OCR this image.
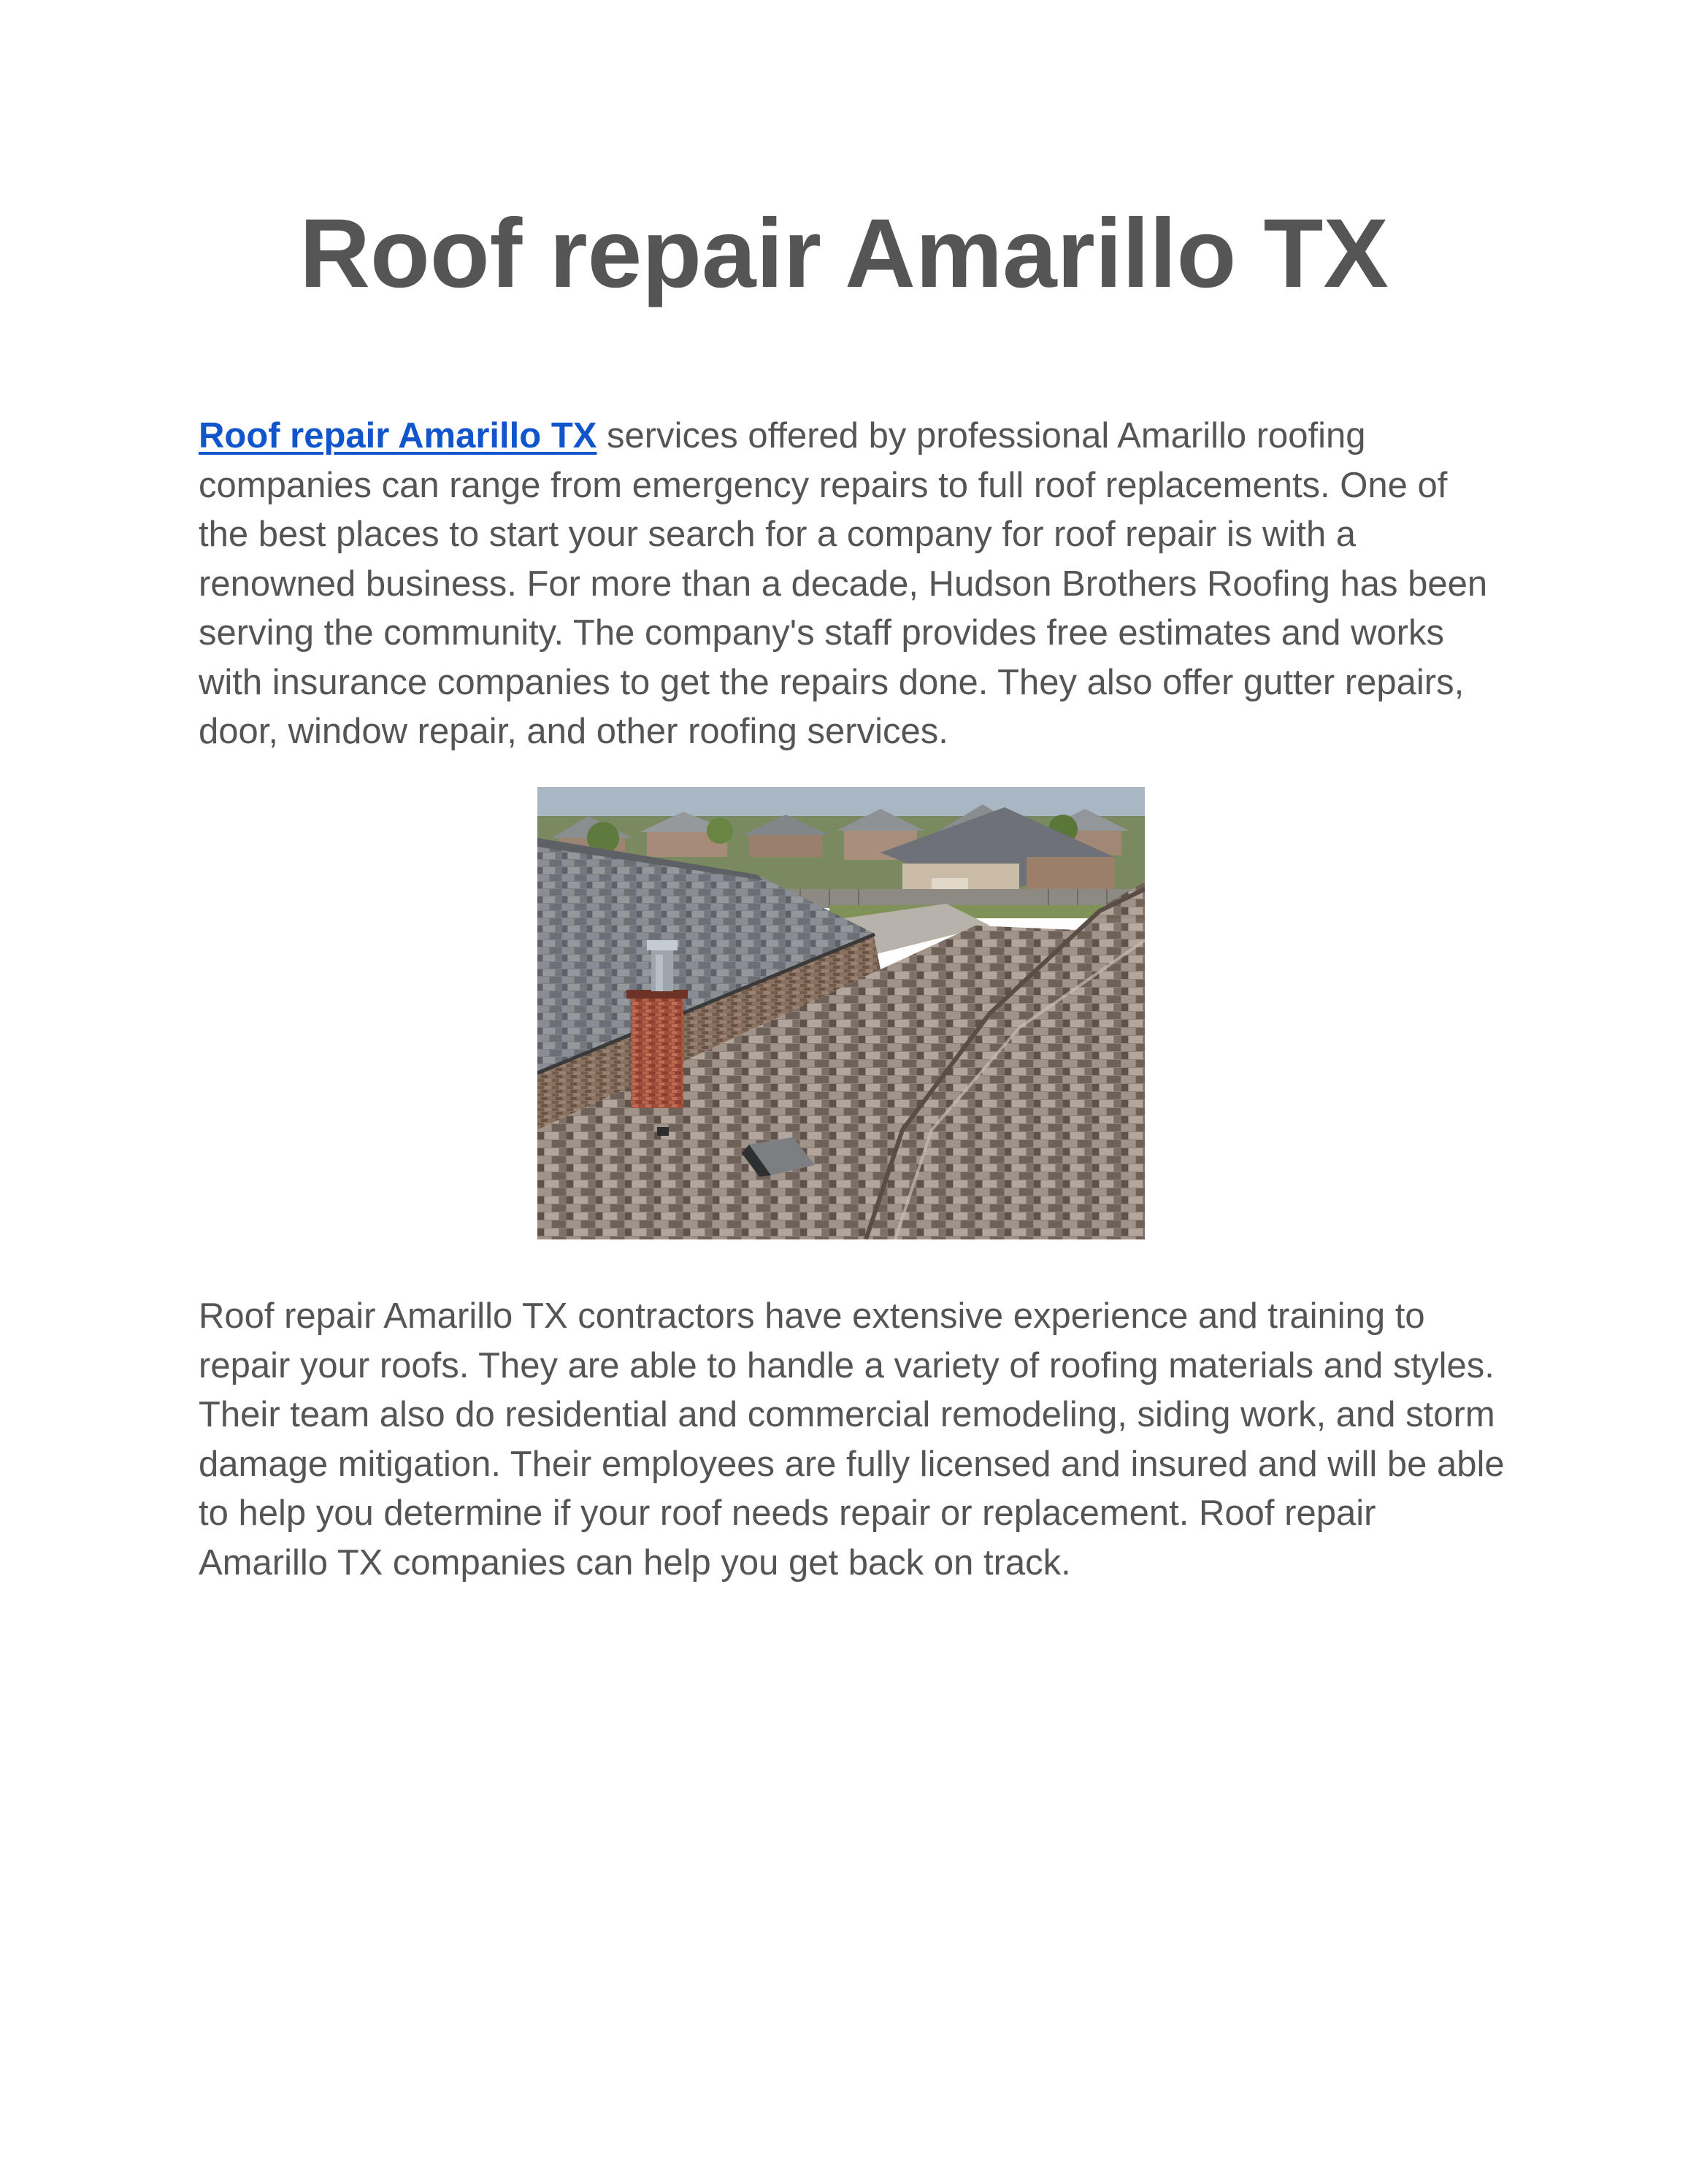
Roof repair Amarillo TX

Roof repair Amarillo TX services offered by professional Amarillo roofing companies can range from emergency repairs to full roof replacements. One of the best places to start your search for a company for roof repair is with a renowned business. For more than a decade, Hudson Brothers Roofing has been serving the community. The company's staff provides free estimates and works with insurance companies to get the repairs done. They also offer gutter repairs, door, window repair, and other roofing services.

Roof repair Amarillo TX contractors have extensive experience and training to repair your roofs. They are able to handle a variety of roofing materials and styles. Their team also do residential and commercial remodeling, siding work, and storm damage mitigation. Their employees are fully licensed and insured and will be able to help you determine if your roof needs repair or replacement. Roof repair Amarillo TX companies can help you get back on track.
